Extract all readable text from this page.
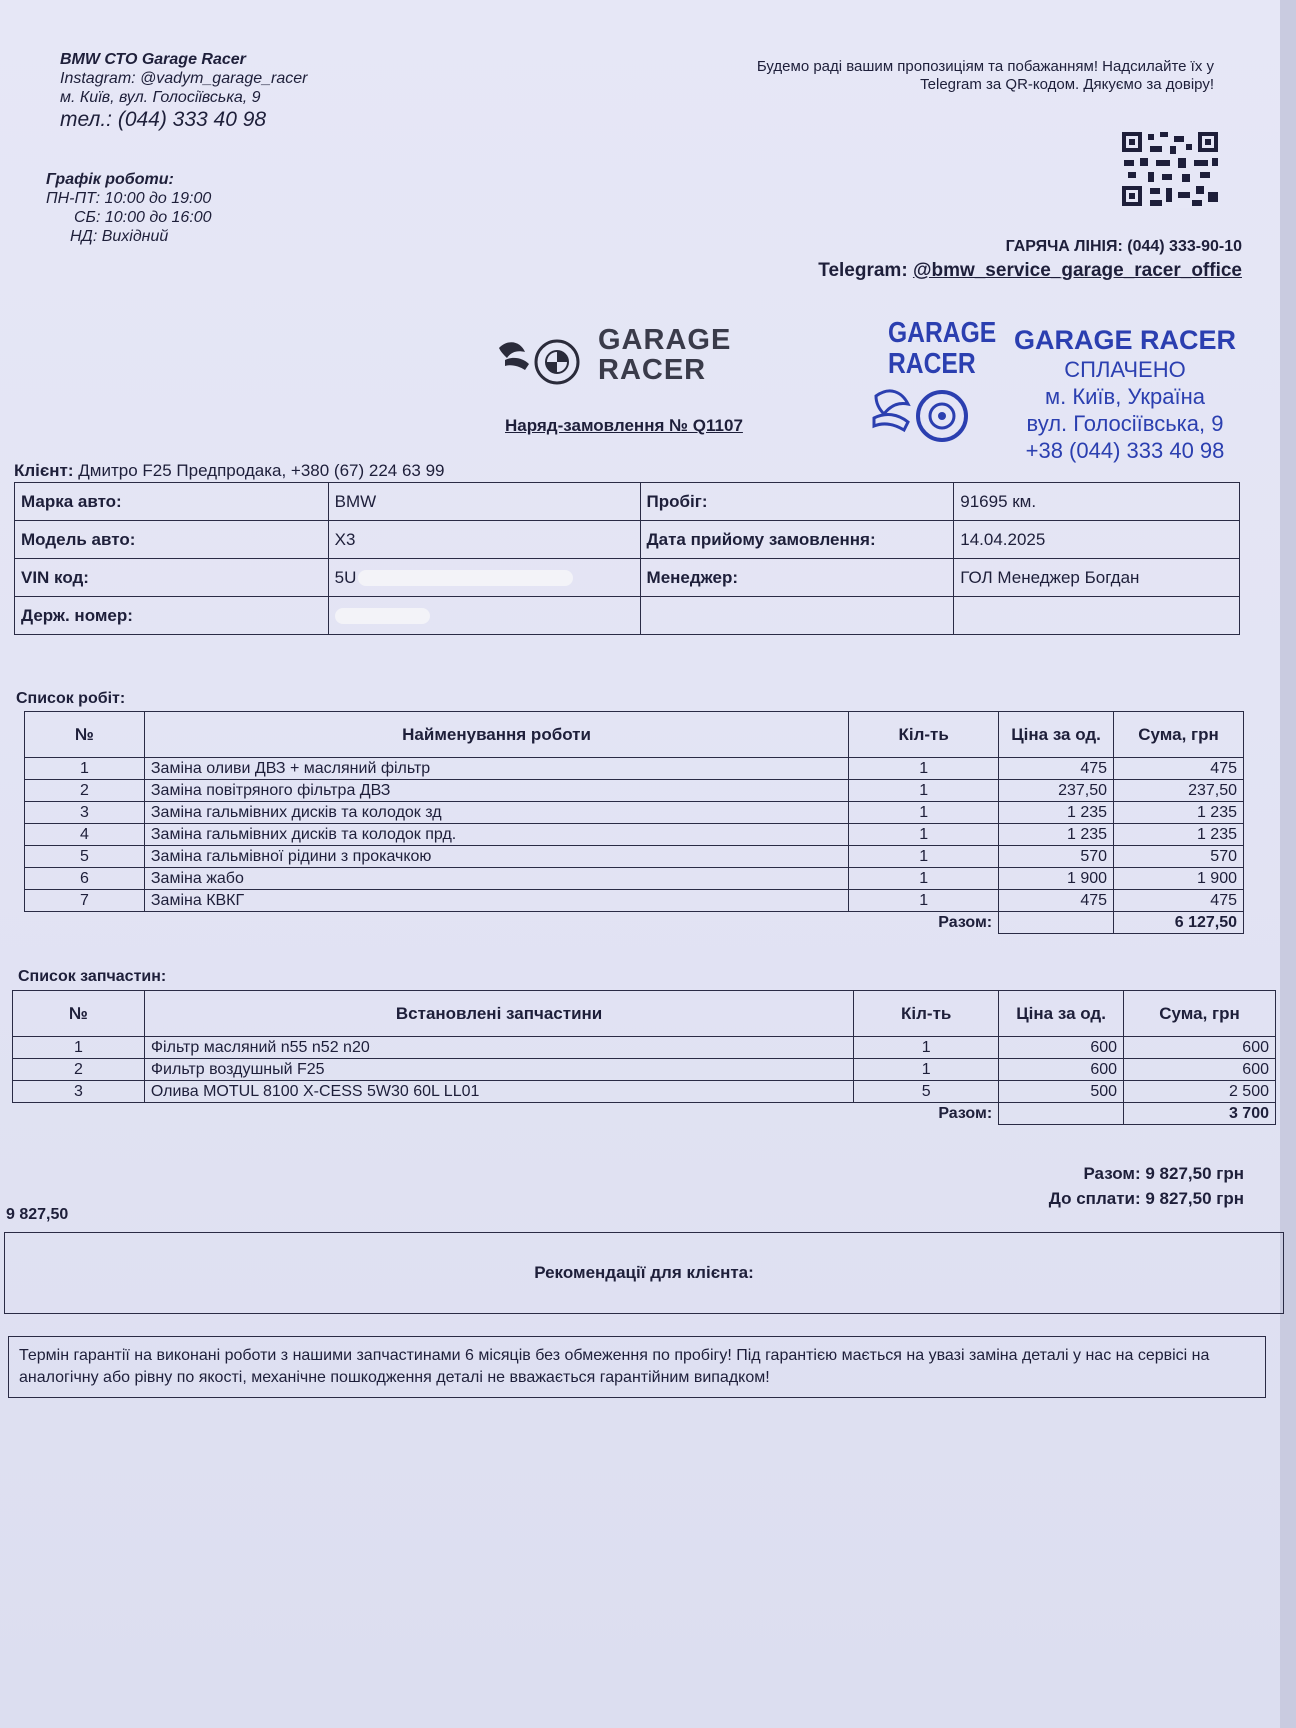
BMW СТО Garage Racer
Instagram: @vadym_garage_racer
м. Київ, вул. Голосіївська, 9
тел.: (044) 333 40 98
Графік роботи:
ПН-ПТ: 10:00 до 19:00
СБ: 10:00 до 16:00
НД: Вихідний
Будемо раді вашим пропозиціям та побажанням! Надсилайте їх у
Telegram за QR-кодом. Дякуємо за довіру!
ГАРЯЧА ЛІНІЯ: (044) 333-90-10
Telegram: @bmw_service_garage_racer_office
GARAGE
RACER
GARAGE
RACER
GARAGE RACER
СПЛАЧЕНО
м. Київ, Україна
вул. Голосіївська, 9
+38 (044) 333 40 98
Наряд-замовлення № Q1107
Клієнт: Дмитро F25 Предпродака, +380 (67) 224 63 99
Марка авто:	BMW	Пробіг:	91695 км.
Модель авто:	X3	Дата прийому замовлення:	14.04.2025
VIN код:	5U	Менеджер:	ГОЛ Менеджер Богдан
Держ. номер:			
Список робіт:
№	Найменування роботи	Кіл-ть	Ціна за од.	Сума, грн
1	Заміна оливи ДВЗ + масляний фільтр	1	475	475
2	Заміна повітряного фільтра ДВЗ	1	237,50	237,50
3	Заміна гальмівних дисків та колодок зд	1	1 235	1 235
4	Заміна гальмівних дисків та колодок прд.	1	1 235	1 235
5	Заміна гальмівної рідини з прокачкою	1	570	570
6	Заміна жабо	1	1 900	1 900
7	Заміна КВКГ	1	475	475
		Разом:		6 127,50
Список запчастин:
№	Встановлені запчастини	Кіл-ть	Ціна за од.	Сума, грн
1	Фільтр масляний n55 n52 n20	1	600	600
2	Фильтр воздушный F25	1	600	600
3	Олива MOTUL 8100 X-CESS 5W30 60L LL01	5	500	2 500
		Разом:		3 700
Разом: 9 827,50 грн
До сплати: 9 827,50 грн
9 827,50
Рекомендації для клієнта:
Термін гарантії на виконані роботи з нашими запчастинами 6 місяців без обмеження по пробігу! Під гарантією мається на увазі заміна деталі у нас на сервісі на аналогічну або рівну по якості, механічне пошкодження деталі не вважається гарантійним випадком!
